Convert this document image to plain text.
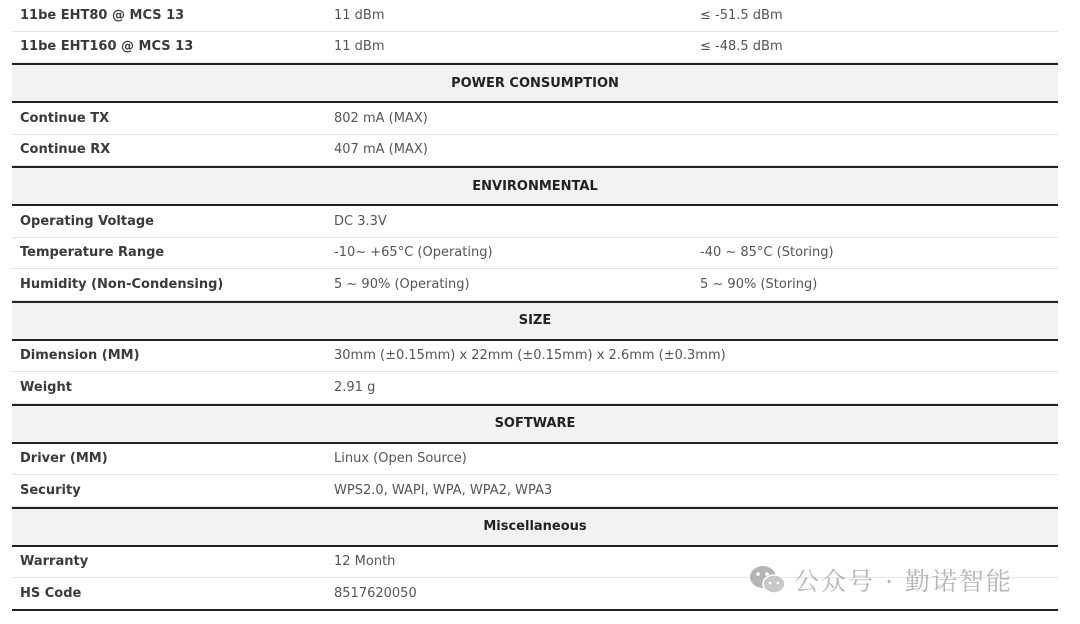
11be EHT80 @ MCS 13	11 dBm	≤ -51.5 dBm
11be EHT160 @ MCS 13	11 dBm	≤ -48.5 dBm
POWER CONSUMPTION
Continue TX	802 mA (MAX)
Continue RX	407 mA (MAX)
ENVIRONMENTAL
Operating Voltage	DC 3.3V
Temperature Range	-10~ +65°C (Operating)	-40 ~ 85°C (Storing)
Humidity (Non-Condensing)	5 ~ 90% (Operating)	5 ~ 90% (Storing)
SIZE
Dimension (MM)	30mm (±0.15mm) x 22mm (±0.15mm) x 2.6mm (±0.3mm)
Weight	2.91 g
SOFTWARE
Driver (MM)	Linux (Open Source)
Security	WPS2.0, WAPI, WPA, WPA2, WPA3
Miscellaneous
Warranty	12 Month
HS Code	8517620050	公众号 · 勤诺智能
